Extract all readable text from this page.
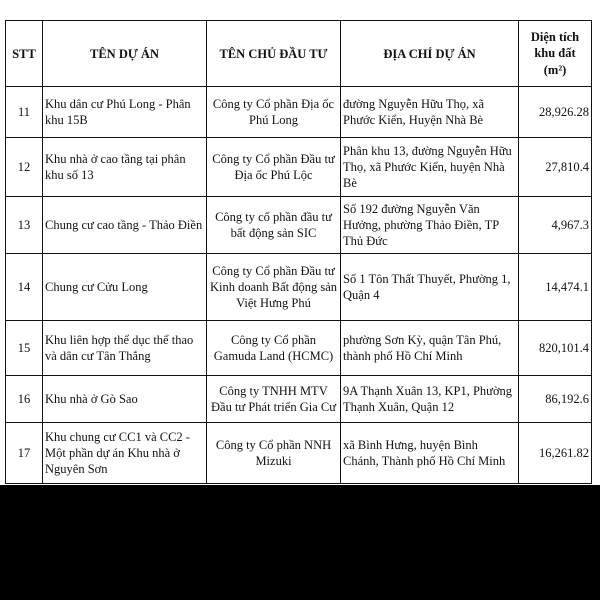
STT	TÊN DỰ ÁN	TÊN CHỦ ĐẦU TƯ	ĐỊA CHỈ DỰ ÁN	Diện tích
khu đất
(m²)

11	Khu dân cư Phú Long - Phân khu 15B	Công ty Cổ phần Địa ốc Phú Long	đường Nguyễn Hữu Thọ, xã Phước Kiển, Huyện Nhà Bè	28,926.28
12	Khu nhà ở cao tầng tại phân khu số 13	Công ty Cổ phần Đầu tư Địa ốc Phú Lộc	Phân khu 13, đường Nguyễn Hữu Thọ, xã Phước Kiển, huyện Nhà Bè	27,810.4
13	Chung cư cao tầng - Thảo Điền	Công ty cổ phần đầu tư bất động sản SIC	Số 192 đường Nguyễn Văn Hưởng, phường Thảo Điền, TP Thủ Đức	4,967.3
14	Chung cư Cửu Long	Công ty Cổ phần Đầu tư Kinh doanh Bất động sản Việt Hưng Phú	Số 1 Tôn Thất Thuyết, Phường 1, Quận 4	14,474.1
15	Khu liên hợp thể dục thể thao và dân cư Tân Thắng	Công ty Cổ phần Gamuda Land (HCMC)	phường Sơn Kỳ, quận Tân Phú, thành phố Hồ Chí Minh	820,101.4
16	Khu nhà ở Gò Sao	Công ty TNHH MTV Đầu tư Phát triển Gia Cư	9A Thạnh Xuân 13, KP1, Phường Thạnh Xuân, Quận 12	86,192.6
17	Khu chung cư CC1 và CC2 - Một phần dự án Khu nhà ở Nguyên Sơn	Công ty Cổ phần NNH Mizuki	xã Bình Hưng, huyện Bình Chánh, Thành phố Hồ Chí Minh	16,261.82
